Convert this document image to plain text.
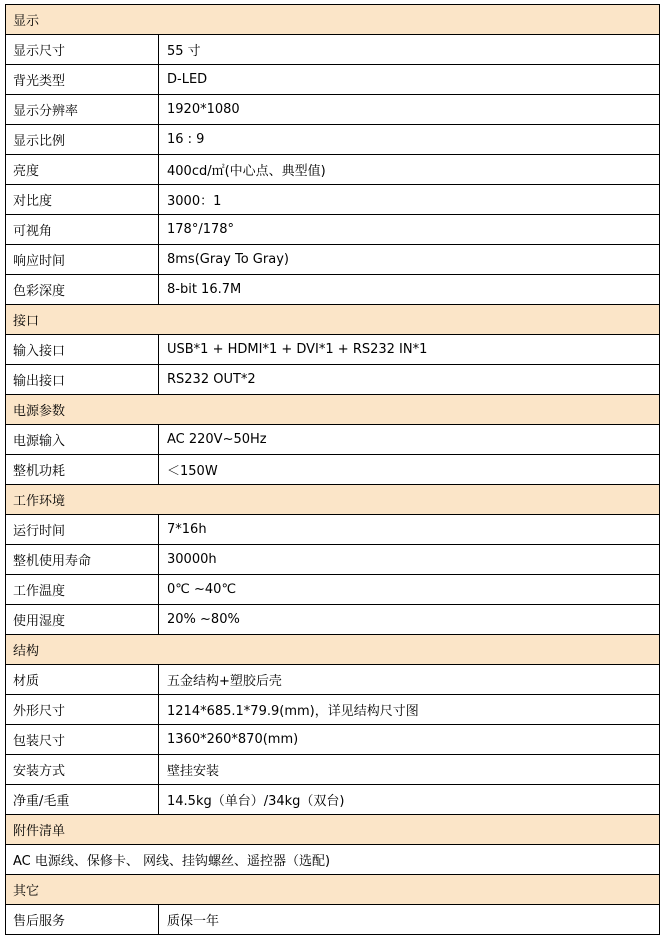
显示	
显示尺寸	55 寸
背光类型	D-LED
显示分辨率	1920*1080
显示比例	16 : 9
亮度	400cd/㎡(中心点、典型值)
对比度	3000：1
可视角	178°/178°
响应时间	8ms(Gray To Gray)
色彩深度	8-bit 16.7M
接口	
输入接口	USB*1 + HDMI*1 + DVI*1 + RS232 IN*1
输出接口	RS232 OUT*2
电源参数	
电源输入	AC 220V~50Hz
整机功耗	＜150W
工作环境	
运行时间	7*16h
整机使用寿命	30000h
工作温度	0℃ ~40℃
使用湿度	20% ~80%
结构	
材质	五金结构+塑胶后壳
外形尺寸	1214*685.1*79.9(mm)，详见结构尺寸图
包装尺寸	1360*260*870(mm)
安装方式	壁挂安装
净重/毛重	14.5kg（单台）/34kg（双台)
附件清单	
AC 电源线、保修卡、 网线、挂钩螺丝、遥控器（选配)	
其它	
售后服务	质保一年
